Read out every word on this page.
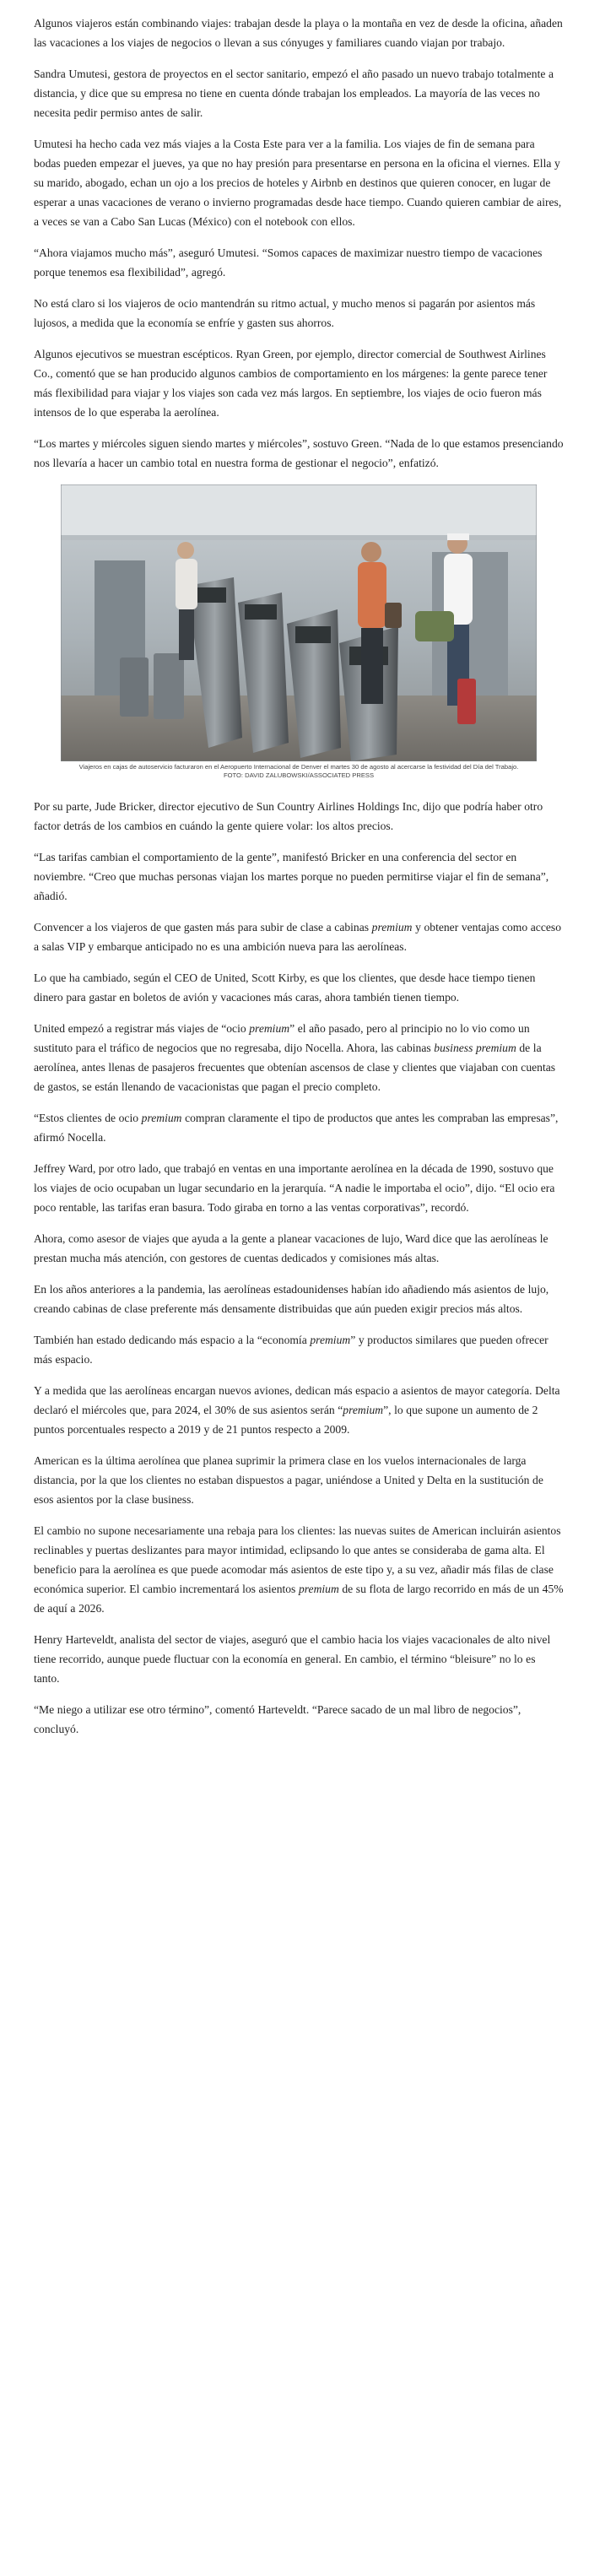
Algunos viajeros están combinando viajes: trabajan desde la playa o la montaña en vez de desde la oficina, añaden las vacaciones a los viajes de negocios o llevan a sus cónyuges y familiares cuando viajan por trabajo.

Sandra Umutesi, gestora de proyectos en el sector sanitario, empezó el año pasado un nuevo trabajo totalmente a distancia, y dice que su empresa no tiene en cuenta dónde trabajan los empleados. La mayoría de las veces no necesita pedir permiso antes de salir.

Umutesi ha hecho cada vez más viajes a la Costa Este para ver a la familia. Los viajes de fin de semana para bodas pueden empezar el jueves, ya que no hay presión para presentarse en persona en la oficina el viernes. Ella y su marido, abogado, echan un ojo a los precios de hoteles y Airbnb en destinos que quieren conocer, en lugar de esperar a unas vacaciones de verano o invierno programadas desde hace tiempo. Cuando quieren cambiar de aires, a veces se van a Cabo San Lucas (México) con el notebook con ellos.

“Ahora viajamos mucho más”, aseguró Umutesi. “Somos capaces de maximizar nuestro tiempo de vacaciones porque tenemos esa flexibilidad”, agregó.

No está claro si los viajeros de ocio mantendrán su ritmo actual, y mucho menos si pagarán por asientos más lujosos, a medida que la economía se enfríe y gasten sus ahorros.

Algunos ejecutivos se muestran escépticos. Ryan Green, por ejemplo, director comercial de Southwest Airlines Co., comentó que se han producido algunos cambios de comportamiento en los márgenes: la gente parece tener más flexibilidad para viajar y los viajes son cada vez más largos. En septiembre, los viajes de ocio fueron más intensos de lo que esperaba la aerolínea.

“Los martes y miércoles siguen siendo martes y miércoles”, sostuvo Green. “Nada de lo que estamos presenciando nos llevaría a hacer un cambio total en nuestra forma de gestionar el negocio”, enfatizó.

Viajeros en cajas de autoservicio facturaron en el Aeropuerto Internacional de Denver el martes 30 de agosto al acercarse la festividad del Día del Trabajo.
FOTO: DAVID ZALUBOWSKI/ASSOCIATED PRESS

Por su parte, Jude Bricker, director ejecutivo de Sun Country Airlines Holdings Inc, dijo que podría haber otro factor detrás de los cambios en cuándo la gente quiere volar: los altos precios.

“Las tarifas cambian el comportamiento de la gente”, manifestó Bricker en una conferencia del sector en noviembre. “Creo que muchas personas viajan los martes porque no pueden permitirse viajar el fin de semana”, añadió.

Convencer a los viajeros de que gasten más para subir de clase a cabinas premium y obtener ventajas como acceso a salas VIP y embarque anticipado no es una ambición nueva para las aerolíneas.

Lo que ha cambiado, según el CEO de United, Scott Kirby, es que los clientes, que desde hace tiempo tienen dinero para gastar en boletos de avión y vacaciones más caras, ahora también tienen tiempo.

United empezó a registrar más viajes de “ocio premium” el año pasado, pero al principio no lo vio como un sustituto para el tráfico de negocios que no regresaba, dijo Nocella. Ahora, las cabinas business premium de la aerolínea, antes llenas de pasajeros frecuentes que obtenían ascensos de clase y clientes que viajaban con cuentas de gastos, se están llenando de vacacionistas que pagan el precio completo.

“Estos clientes de ocio premium compran claramente el tipo de productos que antes les compraban las empresas”, afirmó Nocella.

Jeffrey Ward, por otro lado, que trabajó en ventas en una importante aerolínea en la década de 1990, sostuvo que los viajes de ocio ocupaban un lugar secundario en la jerarquía. “A nadie le importaba el ocio”, dijo. “El ocio era poco rentable, las tarifas eran basura. Todo giraba en torno a las ventas corporativas”, recordó.

Ahora, como asesor de viajes que ayuda a la gente a planear vacaciones de lujo, Ward dice que las aerolíneas le prestan mucha más atención, con gestores de cuentas dedicados y comisiones más altas.

En los años anteriores a la pandemia, las aerolíneas estadounidenses habían ido añadiendo más asientos de lujo, creando cabinas de clase preferente más densamente distribuidas que aún pueden exigir precios más altos.

También han estado dedicando más espacio a la “economía premium” y productos similares que pueden ofrecer más espacio.

Y a medida que las aerolíneas encargan nuevos aviones, dedican más espacio a asientos de mayor categoría. Delta declaró el miércoles que, para 2024, el 30% de sus asientos serán “premium”, lo que supone un aumento de 2 puntos porcentuales respecto a 2019 y de 21 puntos respecto a 2009.

American es la última aerolínea que planea suprimir la primera clase en los vuelos internacionales de larga distancia, por la que los clientes no estaban dispuestos a pagar, uniéndose a United y Delta en la sustitución de esos asientos por la clase business.

El cambio no supone necesariamente una rebaja para los clientes: las nuevas suites de American incluirán asientos reclinables y puertas deslizantes para mayor intimidad, eclipsando lo que antes se consideraba de gama alta. El beneficio para la aerolínea es que puede acomodar más asientos de este tipo y, a su vez, añadir más filas de clase económica superior. El cambio incrementará los asientos premium de su flota de largo recorrido en más de un 45% de aquí a 2026.

Henry Harteveldt, analista del sector de viajes, aseguró que el cambio hacia los viajes vacacionales de alto nivel tiene recorrido, aunque puede fluctuar con la economía en general. En cambio, el término “bleisure” no lo es tanto.

“Me niego a utilizar ese otro término”, comentó Harteveldt. “Parece sacado de un mal libro de negocios”, concluyó.
